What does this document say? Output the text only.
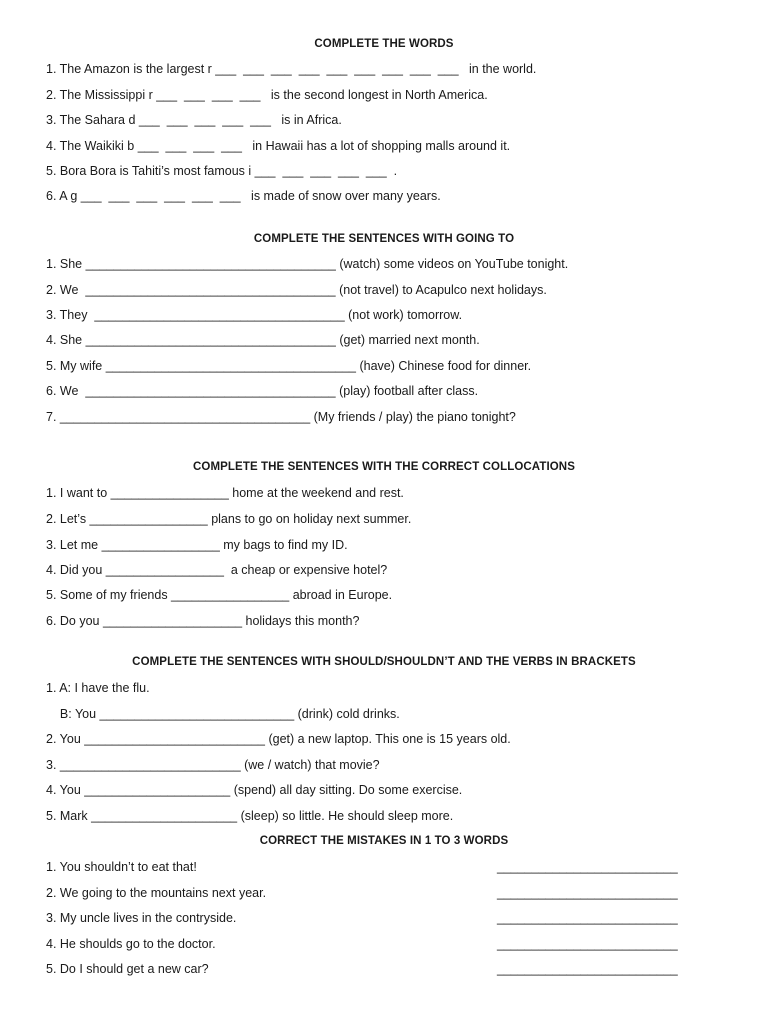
COMPLETE THE WORDS
1. The Amazon is the largest r ___  ___  ___  ___  ___  ___  ___  ___  ___   in the world.
2. The Mississippi r ___  ___  ___  ___   is the second longest in North America.
3. The Sahara d ___  ___  ___  ___  ___   is in Africa.
4. The Waikiki b ___  ___  ___  ___   in Hawaii has a lot of shopping malls around it.
5. Bora Bora is Tahiti’s most famous i ___  ___  ___  ___  ___  .
6. A g ___  ___  ___  ___  ___  ___   is made of snow over many years.
COMPLETE THE SENTENCES WITH GOING TO
1. She ____________________________________ (watch) some videos on YouTube tonight.
2. We  ____________________________________ (not travel) to Acapulco next holidays.
3. They  ____________________________________ (not work) tomorrow.
4. She ____________________________________ (get) married next month.
5. My wife ____________________________________ (have) Chinese food for dinner.
6. We  ____________________________________ (play) football after class.
7. ____________________________________ (My friends / play) the piano tonight?
COMPLETE THE SENTENCES WITH THE CORRECT COLLOCATIONS
1. I want to _________________ home at the weekend and rest.
2. Let’s _________________ plans to go on holiday next summer.
3. Let me _________________ my bags to find my ID.
4. Did you _________________  a cheap or expensive hotel?
5. Some of my friends _________________ abroad in Europe.
6. Do you ____________________ holidays this month?
COMPLETE THE SENTENCES WITH SHOULD/SHOULDN’T AND THE VERBS IN BRACKETS
1. A: I have the flu.
B: You ____________________________ (drink) cold drinks.
2. You __________________________ (get) a new laptop. This one is 15 years old.
3. __________________________ (we / watch) that movie?
4. You _____________________ (spend) all day sitting. Do some exercise.
5. Mark _____________________ (sleep) so little. He should sleep more.
CORRECT THE MISTAKES IN 1 TO 3 WORDS
1. You shouldn’t to eat that!	__________________________
2. We going to the mountains next year.	__________________________
3. My uncle lives in the contryside.	__________________________
4. He shoulds go to the doctor.	__________________________
5. Do I should get a new car?	__________________________
